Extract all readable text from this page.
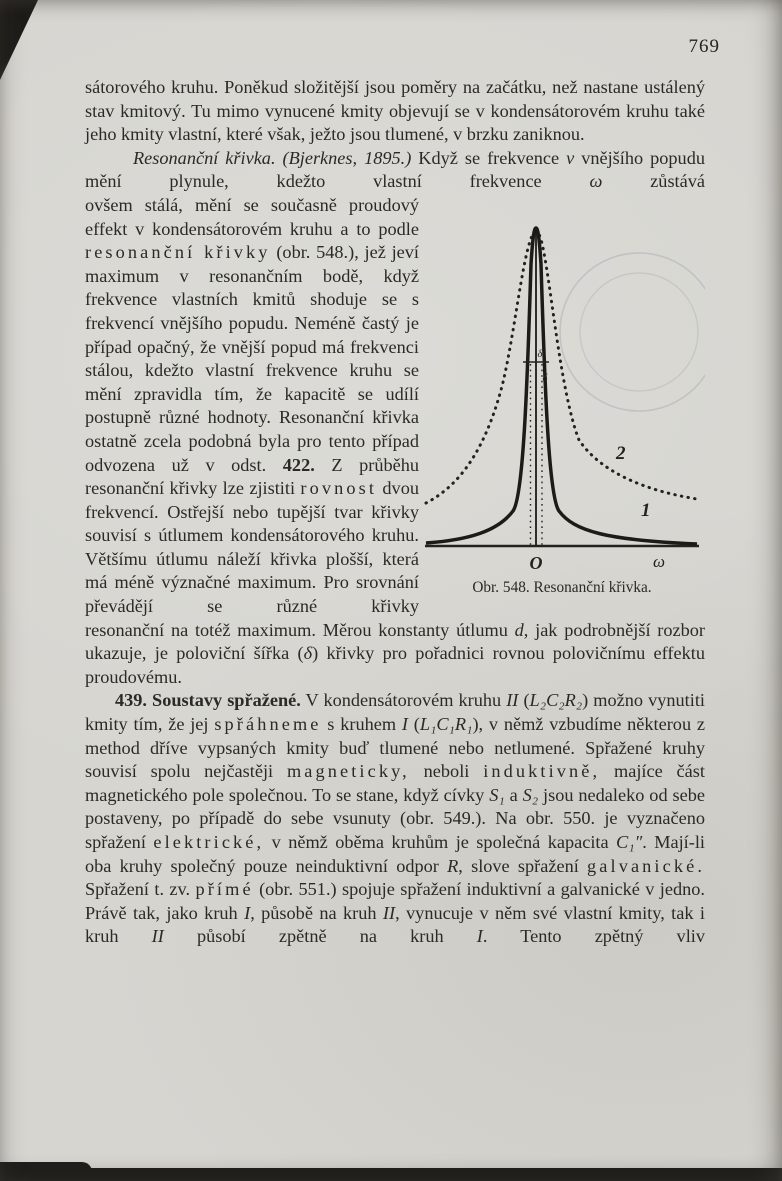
769

sátorového kruhu. Poněkud složitější jsou poměry na začátku, než nastane ustálený stav kmitový. Tu mimo vynucené kmity objevují se v kondensátorovém kruhu také jeho kmity vlastní, které však, ježto jsou tlumené, v brzku zaniknou.

Resonanční křivka. (Bjerknes, 1895.) Když se frekvence ν vnějšího popudu mění plynule, kdežto vlastní frekvence ω zůstává

ovšem stálá, mění se současně proudový effekt v kondensátorovém kruhu a to podle resonanční křivky (obr. 548.), jež jeví maximum v resonančním bodě, když frekvence vlastních kmitů shoduje se s frekvencí vnějšího popudu. Neméně častý je případ opačný, že vnější popud má frekvenci stálou, kdežto vlastní frekvence kruhu se mění zpravidla tím, že kapacitě se udílí postupně různé hodnoty. Resonanční křivka ostatně zcela podobná byla pro tento případ odvozena už v odst. 422. Z průběhu resonanční křivky lze zjistiti rovnost dvou frekvencí. Ostřejší nebo tupější tvar křivky souvisí s útlumem kondensátorového kruhu. Většímu útlumu náleží křivka plošší, která má méně význačné maximum. Pro srovnání převádějí se různé křivky

δ
δ
2
1
O	ω
Obr. 548. Resonanční křivka.

resonanční na totéž maximum. Měrou konstanty útlumu d, jak podrobnější rozbor ukazuje, je poloviční šířka (δ) křivky pro pořadnici rovnou polovičnímu effektu proudovému.

439. Soustavy spřažené. V kondensátorovém kruhu II (L₂C₂R₂) možno vynutiti kmity tím, že jej spřáhneme s kruhem I (L₁C₁R₁), v němž vzbudíme některou z method dříve vypsaných kmity buď tlumené nebo netlumené. Spřažené kruhy souvisí spolu nejčastěji magneticky, neboli induktivně, majíce část magnetického pole společnou. To se stane, když cívky S₁ a S₂ jsou nedaleko od sebe postaveny, po případě do sebe vsunuty (obr. 549.). Na obr. 550. je vyznačeno spřažení elektrické, v němž oběma kruhům je společná kapacita C₁″. Mají-li oba kruhy společný pouze neinduktivní odpor R, slove spřažení galvanické. Spřažení t. zv. přímé (obr. 551.) spojuje spřažení induktivní a galvanické v jedno. Právě tak, jako kruh I, působě na kruh II, vynucuje v něm své vlastní kmity, tak i kruh II působí zpětně na kruh I. Tento zpětný vliv
